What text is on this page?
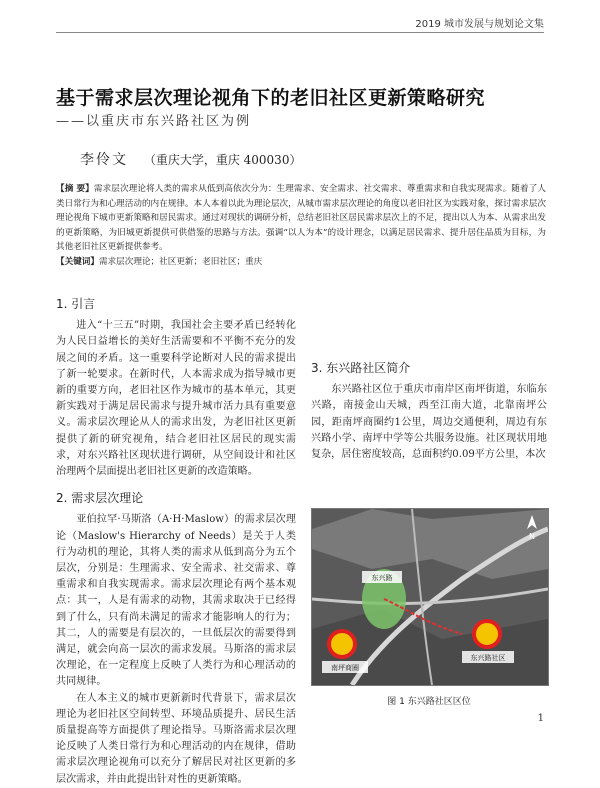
2019 城市发展与规划论文集
基于需求层次理论视角下的老旧社区更新策略研究
——以重庆市东兴路社区为例
李伶文 （重庆大学，重庆 400030）
【摘 要】需求层次理论将人类的需求从低到高依次分为：生理需求、安全需求、社交需求、尊重需求和自我实现需求。随着了人类日常行为和心理活动的内在规律。本人本着以此为理论层次，从城市需求层次理论的角度以老旧社区为实践对象，探讨需求层次理论视角下城市更新策略和居民需求。通过对现状的调研分析，总结老旧社区居民需求层次上的不足，提出以人为本、从需求出发的更新策略，为旧城更新提供可供借鉴的思路与方法。强调“以人为本”的设计理念，以满足居民需求、提升居住品质为目标，为其他老旧社区更新提供参考。
【关键词】需求层次理论；社区更新；老旧社区；重庆
1. 引言

进入“十三五”时期，我国社会主要矛盾已经转化为人民日益增长的美好生活需要和不平衡不充分的发展之间的矛盾。这一重要科学论断对人民的需求提出了新一轮要求。在新时代，人本需求成为指导城市更新的重要方向，老旧社区作为城市的基本单元，其更新实践对于满足居民需求与提升城市活力具有重要意义。需求层次理论从人的需求出发，为老旧社区更新提供了新的研究视角，结合老旧社区居民的现实需求，对东兴路社区现状进行调研，从空间设计和社区治理两个层面提出老旧社区更新的改造策略。

2. 需求层次理论

亚伯拉罕·马斯洛（A·H·Maslow）的需求层次理论（Maslow's Hierarchy of Needs）是关于人类行为动机的理论，其将人类的需求从低到高分为五个层次，分别是：生理需求、安全需求、社交需求、尊重需求和自我实现需求。需求层次理论有两个基本观点：其一，人是有需求的动物，其需求取决于已经得到了什么，只有尚未满足的需求才能影响人的行为；其二，人的需要是有层次的，一旦低层次的需要得到满足，就会向高一层次的需求发展。马斯洛的需求层次理论，在一定程度上反映了人类行为和心理活动的共同规律。

在人本主义的城市更新新时代背景下，需求层次理论为老旧社区空间转型、环境品质提升、居民生活质量提高等方面提供了理论指导。马斯洛需求层次理论反映了人类日常行为和心理活动的内在规律，借助需求层次理论视角可以充分了解居民对社区更新的多层次需求，并由此提出针对性的更新策略。

3. 东兴路社区简介

东兴路社区位于重庆市南岸区南坪街道，东临东兴路，南接金山天城，西至江南大道，北靠南坪公园，距南坪商圈约1公里，周边交通便利，周边有东兴路小学、南坪中学等公共服务设施。社区现状用地复杂，居住密度较高，总面积约0.09平方公里，本次

南坪商圈
东兴路社区
东兴路
N
图 1 东兴路社区区位
1
